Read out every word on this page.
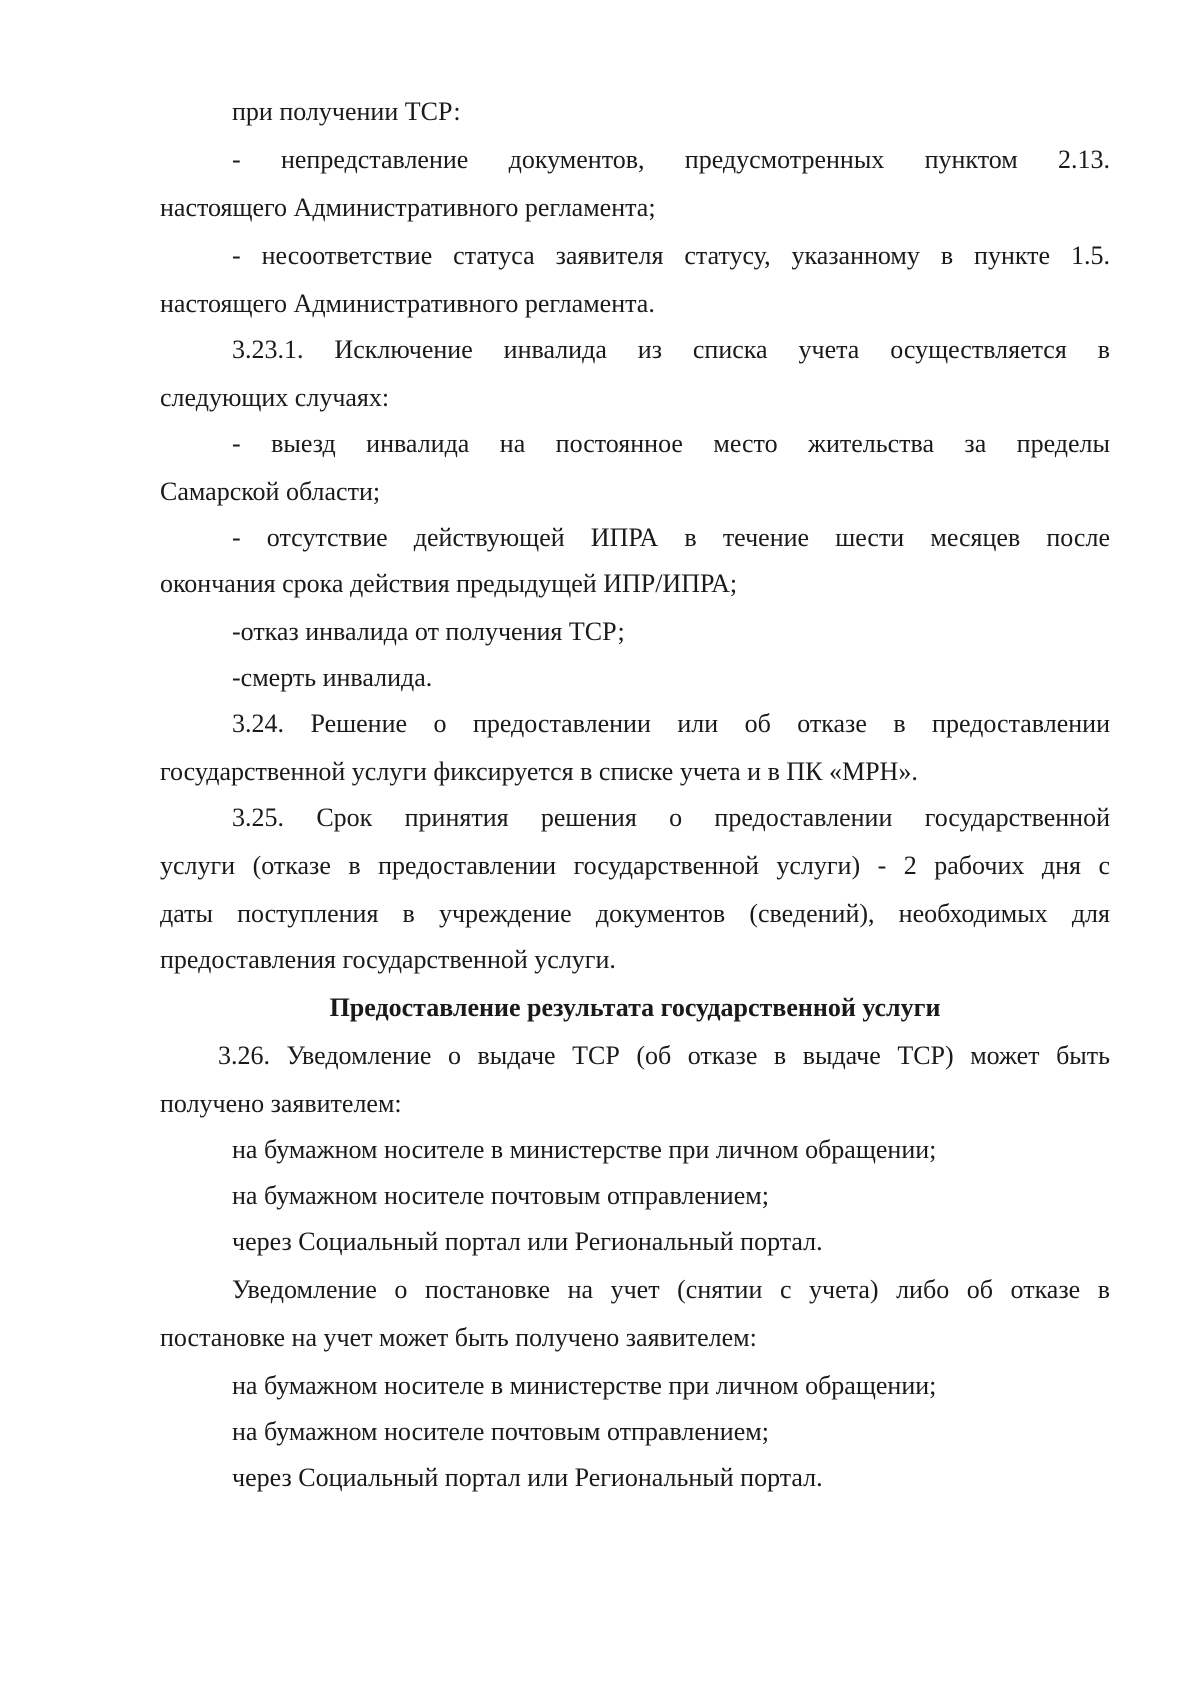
при получении ТСР:
- непредставление документов, предусмотренных пунктом 2.13.
настоящего Административного регламента;
- несоответствие статуса заявителя статусу, указанному в пункте 1.5.
настоящего Административного регламента.
3.23.1. Исключение инвалида из списка учета осуществляется в
следующих случаях:
- выезд инвалида на постоянное место жительства за пределы
Самарской области;
- отсутствие действующей ИПРА в течение шести месяцев после
окончания срока действия предыдущей ИПР/ИПРА;
-отказ инвалида от получения ТСР;
-смерть инвалида.
3.24. Решение о предоставлении или об отказе в предоставлении
государственной услуги фиксируется в списке учета и в ПК «МРН».
3.25. Срок принятия решения о предоставлении государственной
услуги (отказе в предоставлении государственной услуги) - 2 рабочих дня с
даты поступления в учреждение документов (сведений), необходимых для
предоставления государственной услуги.
Предоставление результата государственной услуги
3.26. Уведомление о выдаче ТСР (об отказе в выдаче ТСР) может быть
получено заявителем:
на бумажном носителе в министерстве при личном обращении;
на бумажном носителе почтовым отправлением;
через Социальный портал или Региональный портал.
Уведомление о постановке на учет (снятии с учета) либо об отказе в
постановке на учет может быть получено заявителем:
на бумажном носителе в министерстве при личном обращении;
на бумажном носителе почтовым отправлением;
через Социальный портал или Региональный портал.
